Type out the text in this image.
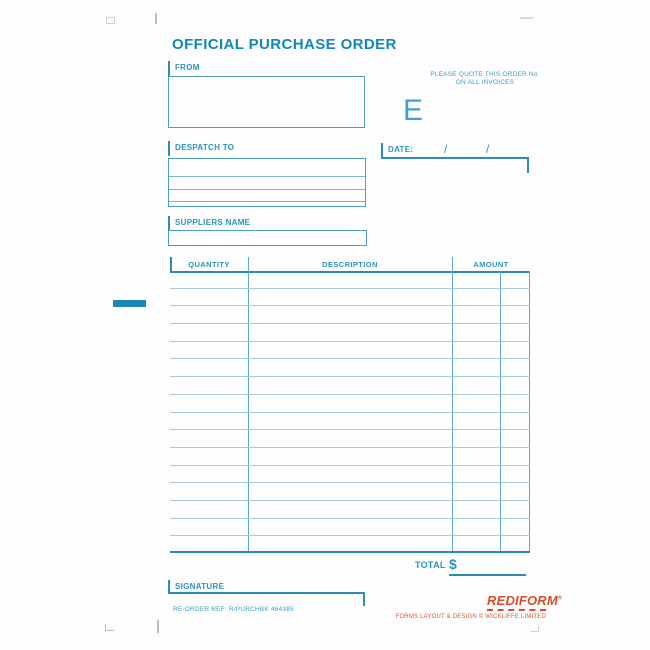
OFFICIAL PURCHASE ORDER
FROM
PLEASE QUOTE THIS ORDER No.
ON ALL INVOICES
E
DESPATCH TO	DATE:	/	/
SUPPLIERS NAME
QUANTITY	DESCRIPTION	AMOUNT
TOTAL $
SIGNATURE
RE-ORDER REF: R/PURCHBK 464385
REDIFORM®
FORMS LAYOUT & DESIGN © WICKLIFFE LIMITED
